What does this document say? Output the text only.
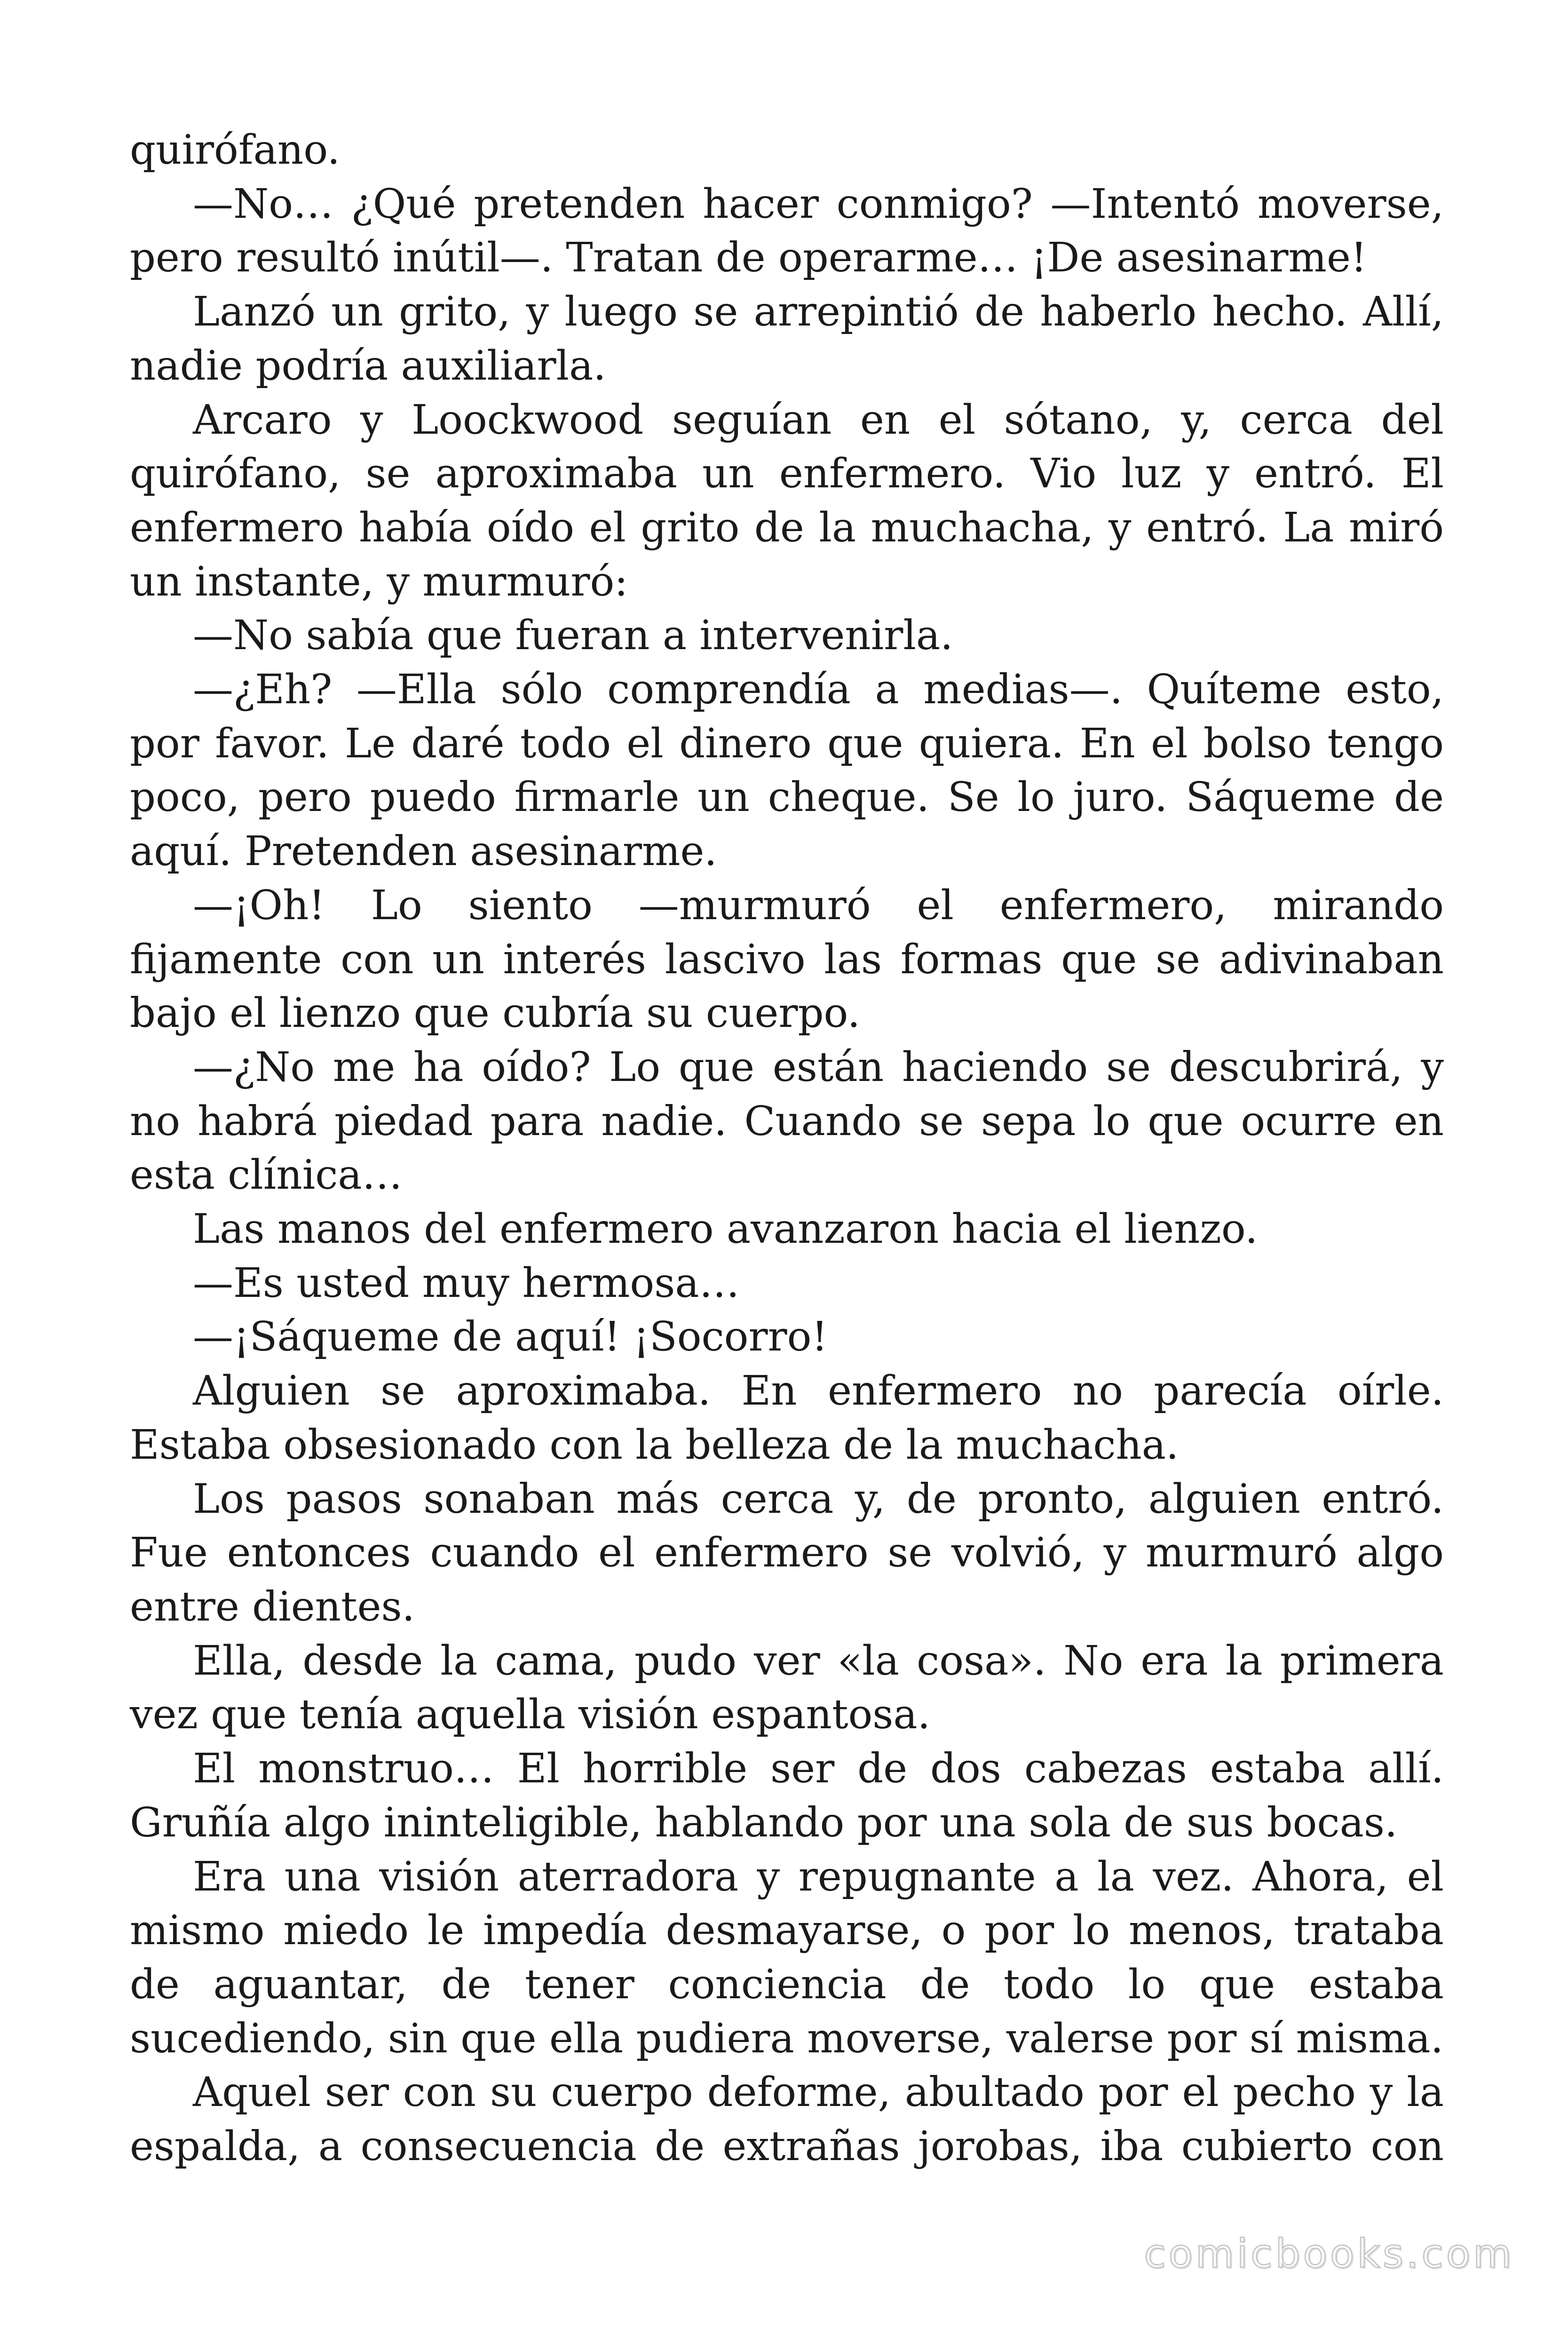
quirófano.

—No… ¿Qué pretenden hacer conmigo? —Intentó moverse, pero resultó inútil—. Tratan de operarme… ¡De asesinarme!

Lanzó un grito, y luego se arrepintió de haberlo hecho. Allí, nadie podría auxiliarla.

Arcaro y Loockwood seguían en el sótano, y, cerca del quirófano, se aproximaba un enfermero. Vio luz y entró. El enfermero había oído el grito de la muchacha, y entró. La miró un instante, y murmuró:

—No sabía que fueran a intervenirla.

—¿Eh? —Ella sólo comprendía a medias—. Quíteme esto, por favor. Le daré todo el dinero que quiera. En el bolso tengo poco, pero puedo firmarle un cheque. Se lo juro. Sáqueme de aquí. Pretenden asesinarme.

—¡Oh! Lo siento —murmuró el enfermero, mirando fijamente con un interés lascivo las formas que se adivinaban bajo el lienzo que cubría su cuerpo.

—¿No me ha oído? Lo que están haciendo se descubrirá, y no habrá piedad para nadie. Cuando se sepa lo que ocurre en esta clínica…

Las manos del enfermero avanzaron hacia el lienzo.

—Es usted muy hermosa…

—¡Sáqueme de aquí! ¡Socorro!

Alguien se aproximaba. En enfermero no parecía oírle. Estaba obsesionado con la belleza de la muchacha.

Los pasos sonaban más cerca y, de pronto, alguien entró. Fue entonces cuando el enfermero se volvió, y murmuró algo entre dientes.

Ella, desde la cama, pudo ver «la cosa». No era la primera vez que tenía aquella visión espantosa.

El monstruo… El horrible ser de dos cabezas estaba allí. Gruñía algo ininteligible, hablando por una sola de sus bocas.

Era una visión aterradora y repugnante a la vez. Ahora, el mismo miedo le impedía desmayarse, o por lo menos, trataba de aguantar, de tener conciencia de todo lo que estaba sucediendo, sin que ella pudiera moverse, valerse por sí misma.

Aquel ser con su cuerpo deforme, abultado por el pecho y la espalda, a consecuencia de extrañas jorobas, iba cubierto con

comicbooks.com
